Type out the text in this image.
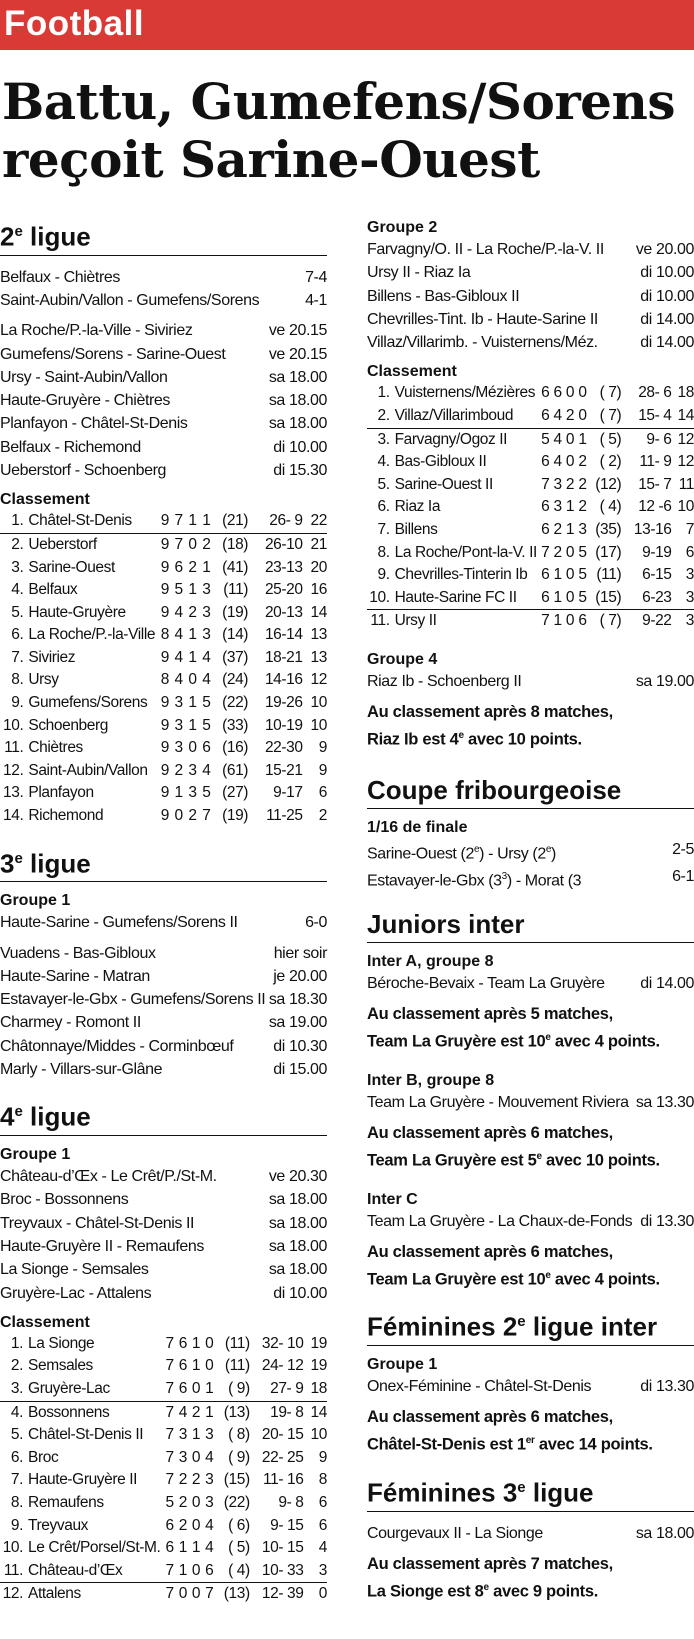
Football
Battu, Gumefens/Sorens
reçoit Sarine-Ouest
2e ligue
Belfaux - Chiètres	7-4
Saint-Aubin/Vallon - Gumefens/Sorens	4-1
La Roche/P.-la-Ville - Siviriez	ve 20.15
Gumefens/Sorens - Sarine-Ouest	ve 20.15
Ursy - Saint-Aubin/Vallon	sa 18.00
Haute-Gruyère - Chiètres	sa 18.00
Planfayon - Châtel-St-Denis	sa 18.00
Belfaux - Richemond	di 10.00
Ueberstorf - Schoenberg	di 15.30
Classement
1.	Châtel-St-Denis	9	7	1	1	(21)	26- 9	22
2.	Ueberstorf	9	7	0	2	(18)	26-10	21
3.	Sarine-Ouest	9	6	2	1	(41)	23-13	20
4.	Belfaux	9	5	1	3	(11)	25-20	16
5.	Haute-Gruyère	9	4	2	3	(19)	20-13	14
6.	La Roche/P.-la-Ville	8	4	1	3	(14)	16-14	13
7.	Siviriez	9	4	1	4	(37)	18-21	13
8.	Ursy	8	4	0	4	(24)	14-16	12
9.	Gumefens/Sorens	9	3	1	5	(22)	19-26	10
10.	Schoenberg	9	3	1	5	(33)	10-19	10
11.	Chiètres	9	3	0	6	(16)	22-30	9
12.	Saint-Aubin/Vallon	9	2	3	4	(61)	15-21	9
13.	Planfayon	9	1	3	5	(27)	9-17	6
14.	Richemond	9	0	2	7	(19)	11-25	2
3e ligue
Groupe 1
Haute-Sarine - Gumefens/Sorens II	6-0
Vuadens - Bas-Gibloux	hier soir
Haute-Sarine - Matran	je 20.00
Estavayer-le-Gbx - Gumefens/Sorens II sa 18.30
Charmey - Romont II	sa 19.00
Châtonnaye/Middes - Corminbœuf di 10.30
Marly - Villars-sur-Glâne	di 15.00
4e ligue
Groupe 1
Château-d’Œx - Le Crêt/P./St-M.	ve 20.30
Broc - Bossonnens	sa 18.00
Treyvaux - Châtel-St-Denis II	sa 18.00
Haute-Gruyère II - Remaufens	sa 18.00
La Sionge - Semsales	sa 18.00
Gruyère-Lac - Attalens	di 10.00
Classement
1.	La Sionge	7	6	1	0	(11)	32- 10	19
2.	Semsales	7	6	1	0	(11)	24- 12	19
3.	Gruyère-Lac	7	6	0	1	( 9)	27- 9	18
4.	Bossonnens	7	4	2	1	(13)	19- 8	14
5.	Châtel-St-Denis II	7	3	1	3	( 8)	20- 15	10
6.	Broc	7	3	0	4	( 9)	22- 25	9
7.	Haute-Gruyère II	7	2	2	3	(15)	11- 16	8
8.	Remaufens	5	2	0	3	(22)	9- 8	6
9.	Treyvaux	6	2	0	4	( 6)	9- 15	6
10.	Le Crêt/Porsel/St-M.	6	1	1	4	( 5)	10- 15	4
11.	Château-d’Œx	7	1	0	6	( 4)	10- 33	3
12.	Attalens	7	0	0	7	(13)	12- 39	0
Groupe 2
Farvagny/O. II - La Roche/P.-la-V. II ve 20.00
Ursy II - Riaz Ia	di 10.00
Billens - Bas-Gibloux II	di 10.00
Chevrilles-Tint. Ib - Haute-Sarine II	di 14.00
Villaz/Villarimb. - Vuisternens/Méz.	di 14.00
Classement
1.	Vuisternens/Mézières	6	6	0	0	( 7)	28- 6	18
2.	Villaz/Villarimboud	6	4	2	0	( 7)	15- 4	14
3.	Farvagny/Ogoz II	5	4	0	1	( 5)	9- 6	12
4.	Bas-Gibloux II	6	4	0	2	( 2)	11- 9	12
5.	Sarine-Ouest II	7	3	2	2	(12)	15- 7	11
6.	Riaz Ia	6	3	1	2	( 4)	12 -6	10
7.	Billens	6	2	1	3	(35)	13-16	7
8.	La Roche/Pont-la-V. II	7	2	0	5	(17)	9-19	6
9.	Chevrilles-Tinterin Ib	6	1	0	5	(11)	6-15	3
10.	Haute-Sarine FC II	6	1	0	5	(15)	6-23	3
11.	Ursy II	7	1	0	6	( 7)	9-22	3
Groupe 4
Riaz Ib - Schoenberg II	sa 19.00
Au classement après 8 matches,
Riaz Ib est 4e avec 10 points.
Coupe fribourgeoise
1/16 de finale
Sarine-Ouest (2e) - Ursy (2e)	2-5
Estavayer-le-Gbx $(3^3)$ - Morat (3	6-1
Juniors inter
Inter A, groupe 8
Béroche-Bevaix - Team La Gruyère di 14.00
Au classement après 5 matches,
Team La Gruyère est 10e avec 4 points.
Inter B, groupe 8
Team La Gruyère - Mouvement Riviera sa 13.30
Au classement après 6 matches,
Team La Gruyère est 5e avec 10 points.
Inter C
Team La Gruyère - La Chaux-de-Fonds di 13.30
Au classement après 6 matches,
Team La Gruyère est 10e avec 4 points.
Féminines 2e ligue inter
Groupe 1
Onex-Féminine - Châtel-St-Denis	di 13.30
Au classement après 6 matches,
Châtel-St-Denis est 1er avec 14 points.
Féminines 3e ligue
Courgevaux II - La Sionge	sa 18.00
Au classement après 7 matches,
La Sionge est 8e avec 9 points.
